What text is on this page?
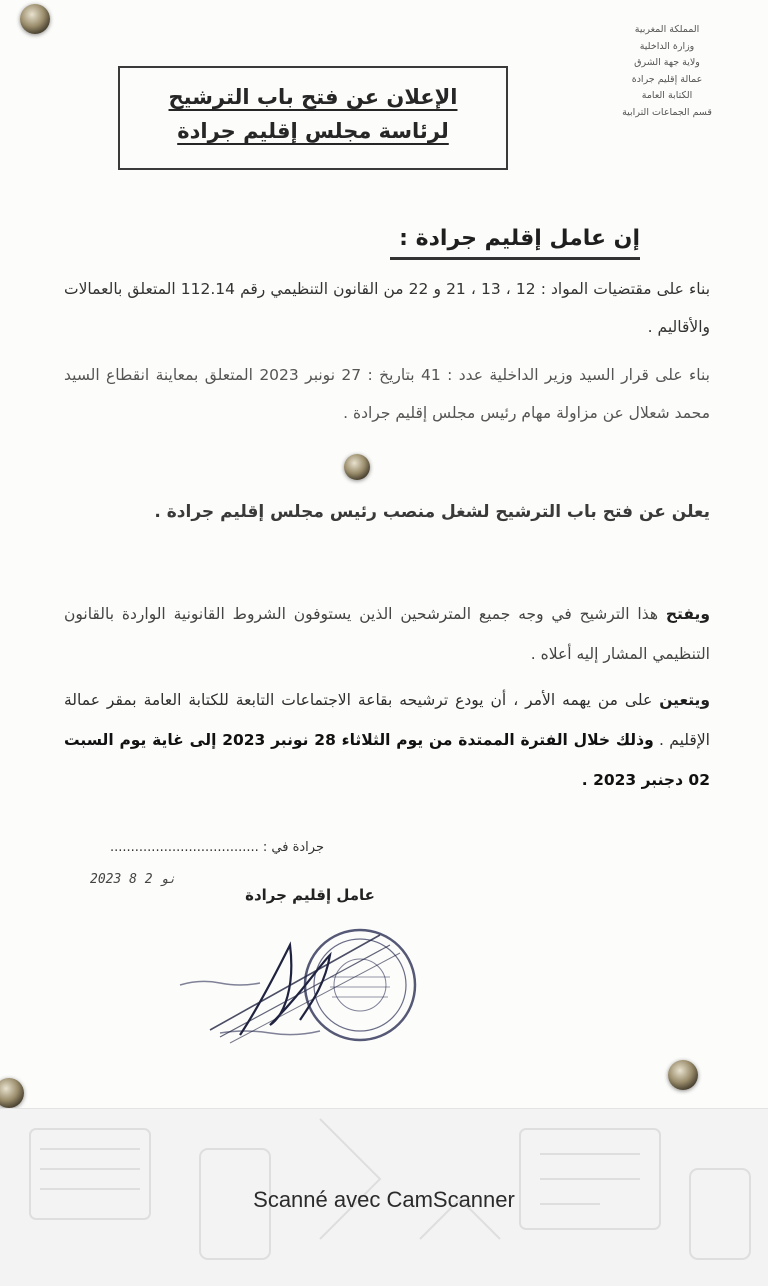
المملكة المغربية
وزارة الداخلية
ولاية جهة الشرق
عمالة إقليم جرادة
الكتابة العامة
قسم الجماعات الترابية
الإعلان عن فتح باب الترشيح
لرئاسة مجلس إقليم جرادة
إن عامل إقليم جرادة :
بناء على مقتضيات المواد : 12 ، 13 ، 21 و 22 من القانون التنظيمي رقم 112.14 المتعلق بالعمالات والأقاليم .
بناء على قرار السيد وزير الداخلية عدد : 41 بتاريخ : 27 نونبر 2023 المتعلق بمعاينة انقطاع السيد محمد شعلال عن مزاولة مهام رئيس مجلس إقليم جرادة .
يعلن عن فتح باب الترشيح لشغل منصب رئيس مجلس إقليم جرادة .
ويفتح هذا الترشيح في وجه جميع المترشحين الذين يستوفون الشروط القانونية الواردة بالقانون التنظيمي المشار إليه أعلاه .
ويتعين على من يهمه الأمر ، أن يودع ترشيحه بقاعة الاجتماعات التابعة للكتابة العامة بمقر عمالة الإقليم . وذلك خلال الفترة الممتدة من يوم الثلاثاء 28 نونبر 2023 إلى غاية يوم السبت 02 دجنبر 2023 .
جرادة في : ....................................
2023 نو 2 8
عامل إقليم جرادة
Scanné avec CamScanner
